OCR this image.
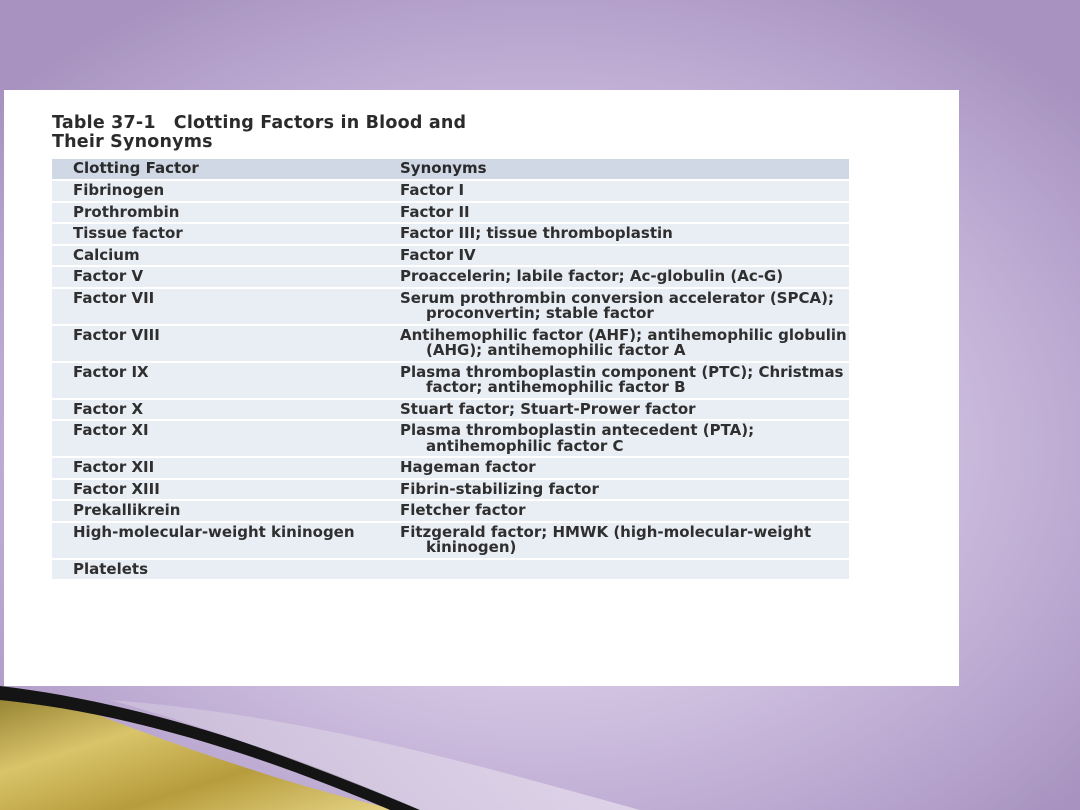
Table 37-1 Clotting Factors in Blood and
Their Synonyms
Clotting Factor	Synonyms
Fibrinogen	Factor I

Prothrombin	Factor II

Tissue factor	Factor III; tissue thromboplastin

Calcium	Factor IV

Factor V	Proaccelerin; labile factor; Ac-globulin (Ac-G)

Factor VII	Serum prothrombin conversion accelerator (SPCA); proconvertin; stable factor

Factor VIII	Antihemophilic factor (AHF); antihemophilic globulin (AHG); antihemophilic factor A

Factor IX	Plasma thromboplastin component (PTC); Christmas factor; antihemophilic factor B

Factor X	Stuart factor; Stuart-Prower factor

Factor XI	Plasma thromboplastin antecedent (PTA); antihemophilic factor C

Factor XII	Hageman factor

Factor XIII	Fibrin-stabilizing factor

Prekallikrein	Fletcher factor

High-molecular-weight kininogen	Fitzgerald factor; HMWK (high-molecular-weight kininogen)

Platelets	
